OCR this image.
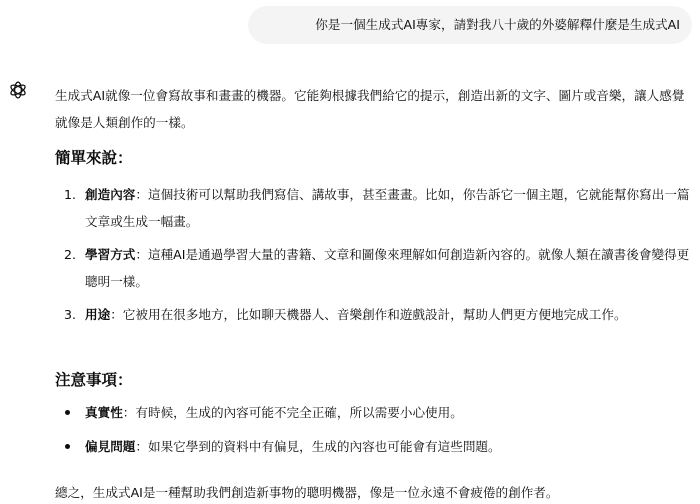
你是一個生成式AI專家，請對我八十歲的外婆解釋什麼是生成式AI

生成式AI就像一位會寫故事和畫畫的機器。它能夠根據我們給它的提示，創造出新的文字、圖片或音樂，讓人感覺就像是人類創作的一樣。

簡單來說：
1. 創造內容：這個技術可以幫助我們寫信、講故事，甚至畫畫。比如，你告訴它一個主題，它就能幫你寫出一篇文章或生成一幅畫。
2. 學習方式：這種AI是通過學習大量的書籍、文章和圖像來理解如何創造新內容的。就像人類在讀書後會變得更聰明一樣。
3. 用途：它被用在很多地方，比如聊天機器人、音樂創作和遊戲設計，幫助人們更方便地完成工作。
注意事項：
真實性：有時候，生成的內容可能不完全正確，所以需要小心使用。
偏見問題：如果它學到的資料中有偏見，生成的內容也可能會有這些問題。

總之，生成式AI是一種幫助我們創造新事物的聰明機器，像是一位永遠不會疲倦的創作者。
